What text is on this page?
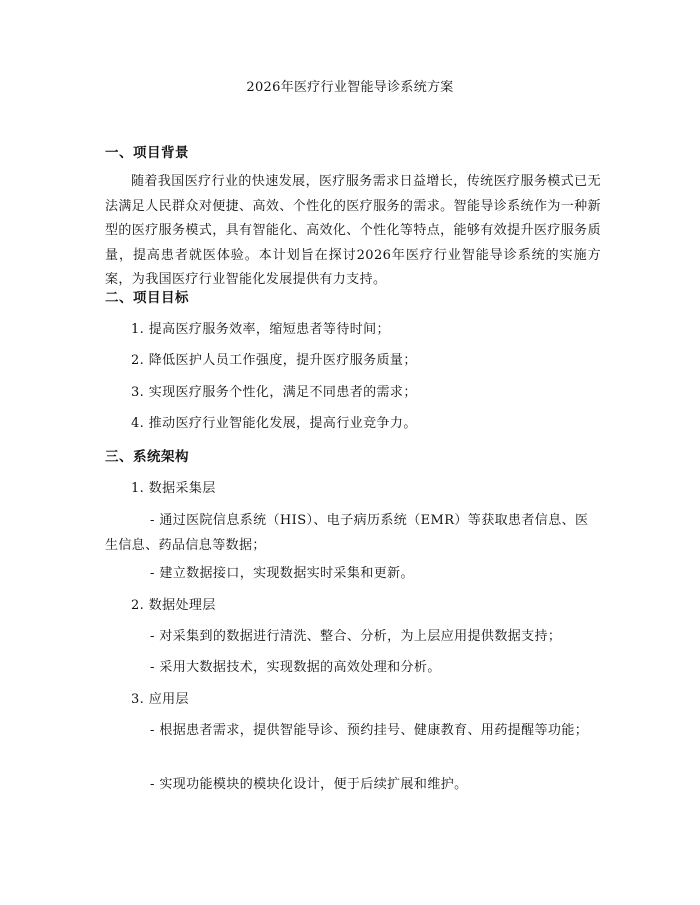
2026年医疗行业智能导诊系统方案
一、项目背景
随着我国医疗行业的快速发展，医疗服务需求日益增长，传统医疗服务模式已无法满足人民群众对便捷、高效、个性化的医疗服务的需求。智能导诊系统作为一种新型的医疗服务模式，具有智能化、高效化、个性化等特点，能够有效提升医疗服务质量，提高患者就医体验。本计划旨在探讨2026年医疗行业智能导诊系统的实施方案，为我国医疗行业智能化发展提供有力支持。
二、项目目标
1. 提高医疗服务效率，缩短患者等待时间；
2. 降低医护人员工作强度，提升医疗服务质量；
3. 实现医疗服务个性化，满足不同患者的需求；
4. 推动医疗行业智能化发展，提高行业竞争力。
三、系统架构
1. 数据采集层
- 通过医院信息系统（HIS）、电子病历系统（EMR）等获取患者信息、医生信息、药品信息等数据；
- 建立数据接口，实现数据实时采集和更新。
2. 数据处理层
- 对采集到的数据进行清洗、整合、分析，为上层应用提供数据支持；
- 采用大数据技术，实现数据的高效处理和分析。
3. 应用层
- 根据患者需求，提供智能导诊、预约挂号、健康教育、用药提醒等功能；
- 实现功能模块的模块化设计，便于后续扩展和维护。
